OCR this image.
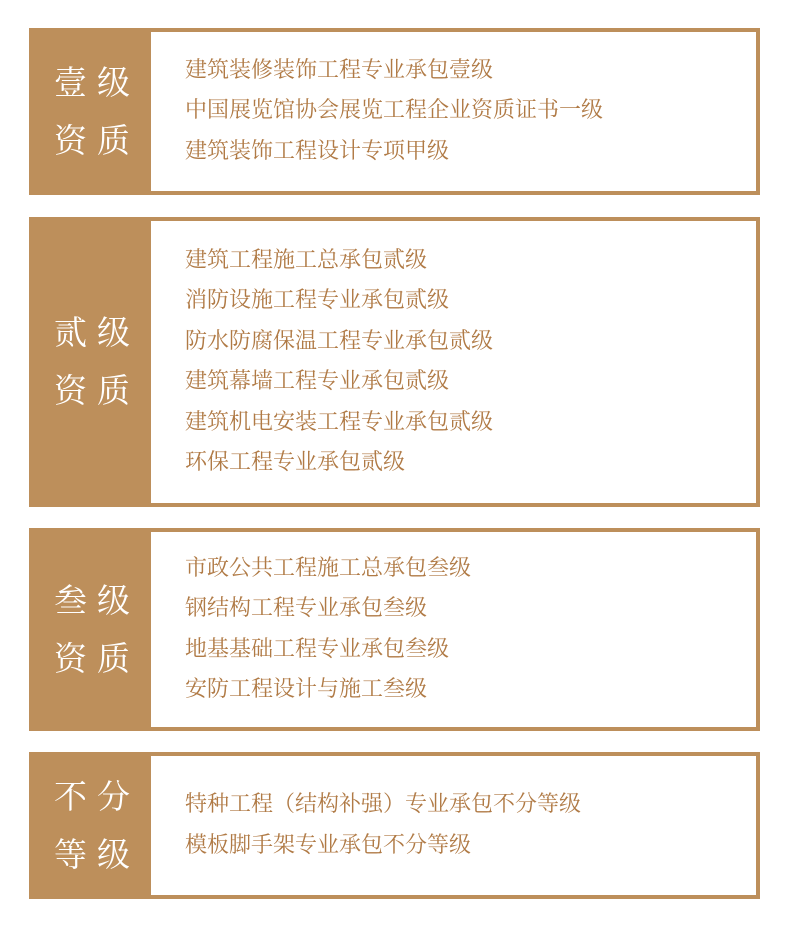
壹级
资质
建筑装修装饰工程专业承包壹级
中国展览馆协会展览工程企业资质证书一级
建筑装饰工程设计专项甲级
贰级
资质
建筑工程施工总承包贰级
消防设施工程专业承包贰级
防水防腐保温工程专业承包贰级
建筑幕墙工程专业承包贰级
建筑机电安装工程专业承包贰级
环保工程专业承包贰级
叁级
资质
市政公共工程施工总承包叁级
钢结构工程专业承包叁级
地基基础工程专业承包叁级
安防工程设计与施工叁级
不分
等级
特种工程（结构补强）专业承包不分等级
模板脚手架专业承包不分等级
